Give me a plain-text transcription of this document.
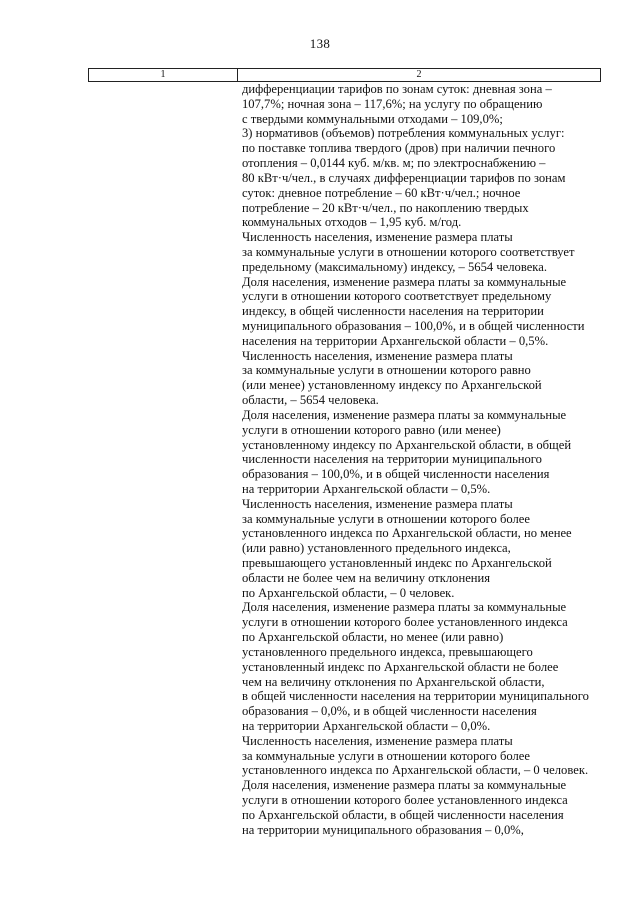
138
1	2
дифференциации тарифов по зонам суток: дневная зона –
107,7%; ночная зона – 117,6%; на услугу по обращению
с твердыми коммунальными отходами – 109,0%;
3) нормативов (объемов) потребления коммунальных услуг:
по поставке топлива твердого (дров) при наличии печного
отопления – 0,0144 куб. м/кв. м; по электроснабжению –
80 кВт·ч/чел., в случаях дифференциации тарифов по зонам
суток: дневное потребление – 60 кВт·ч/чел.; ночное
потребление – 20 кВт·ч/чел., по накоплению твердых
коммунальных отходов – 1,95 куб. м/год.
Численность населения, изменение размера платы
за коммунальные услуги в отношении которого соответствует
предельному (максимальному) индексу, – 5654 человека.
Доля населения, изменение размера платы за коммунальные
услуги в отношении которого соответствует предельному
индексу, в общей численности населения на территории
муниципального образования – 100,0%, и в общей численности
населения на территории Архангельской области – 0,5%.
Численность населения, изменение размера платы
за коммунальные услуги в отношении которого равно
(или менее) установленному индексу по Архангельской
области, – 5654 человека.
Доля населения, изменение размера платы за коммунальные
услуги в отношении которого равно (или менее)
установленному индексу по Архангельской области, в общей
численности населения на территории муниципального
образования – 100,0%, и в общей численности населения
на территории Архангельской области – 0,5%.
Численность населения, изменение размера платы
за коммунальные услуги в отношении которого более
установленного индекса по Архангельской области, но менее
(или равно) установленного предельного индекса,
превышающего установленный индекс по Архангельской
области не более чем на величину отклонения
по Архангельской области, – 0 человек.
Доля населения, изменение размера платы за коммунальные
услуги в отношении которого более установленного индекса
по Архангельской области, но менее (или равно)
установленного предельного индекса, превышающего
установленный индекс по Архангельской области не более
чем на величину отклонения по Архангельской области,
в общей численности населения на территории муниципального
образования – 0,0%, и в общей численности населения
на территории Архангельской области – 0,0%.
Численность населения, изменение размера платы
за коммунальные услуги в отношении которого более
установленного индекса по Архангельской области, – 0 человек.
Доля населения, изменение размера платы за коммунальные
услуги в отношении которого более установленного индекса
по Архангельской области, в общей численности населения
на территории муниципального образования – 0,0%,
